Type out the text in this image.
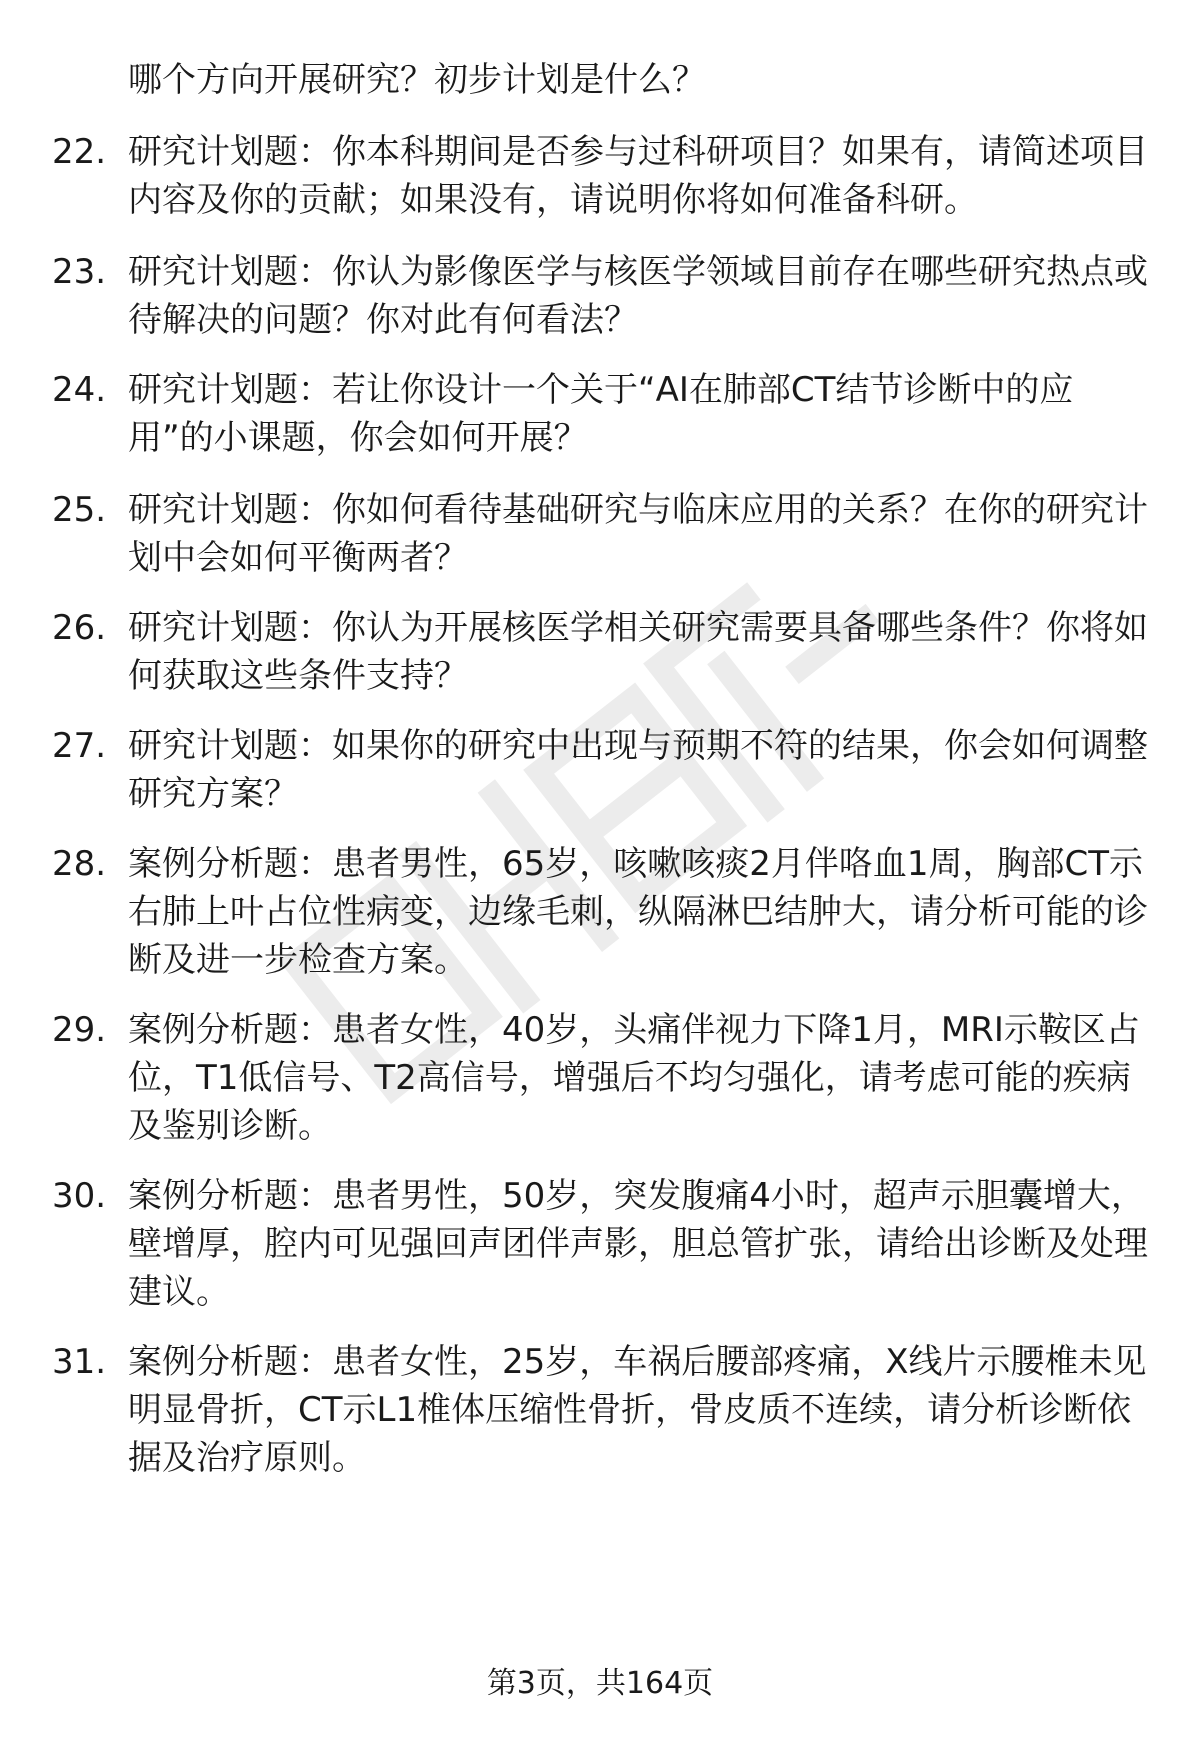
哪个方向开展研究？初步计划是什么？

22. 研究计划题：你本科期间是否参与过科研项目？如果有，请简述项目内容及你的贡献；如果没有，请说明你将如何准备科研。
23. 研究计划题：你认为影像医学与核医学领域目前存在哪些研究热点或待解决的问题？你对此有何看法？
24. 研究计划题：若让你设计一个关于“AI在肺部CT结节诊断中的应用”的小课题，你会如何开展？
25. 研究计划题：你如何看待基础研究与临床应用的关系？在你的研究计划中会如何平衡两者？
26. 研究计划题：你认为开展核医学相关研究需要具备哪些条件？你将如何获取这些条件支持？
27. 研究计划题：如果你的研究中出现与预期不符的结果，你会如何调整研究方案？
28. 案例分析题：患者男性，65岁，咳嗽咳痰2月伴咯血1周，胸部CT示右肺上叶占位性病变，边缘毛刺，纵隔淋巴结肿大，请分析可能的诊断及进一步检查方案。
29. 案例分析题：患者女性，40岁，头痛伴视力下降1月，MRI示鞍区占位，T1低信号、T2高信号，增强后不均匀强化，请考虑可能的疾病及鉴别诊断。
30. 案例分析题：患者男性，50岁，突发腹痛4小时，超声示胆囊增大，壁增厚，腔内可见强回声团伴声影，胆总管扩张，请给出诊断及处理建议。
31. 案例分析题：患者女性，25岁，车祸后腰部疼痛，X线片示腰椎未见明显骨折，CT示L1椎体压缩性骨折，骨皮质不连续，请分析诊断依据及治疗原则。
第3页，共164页
